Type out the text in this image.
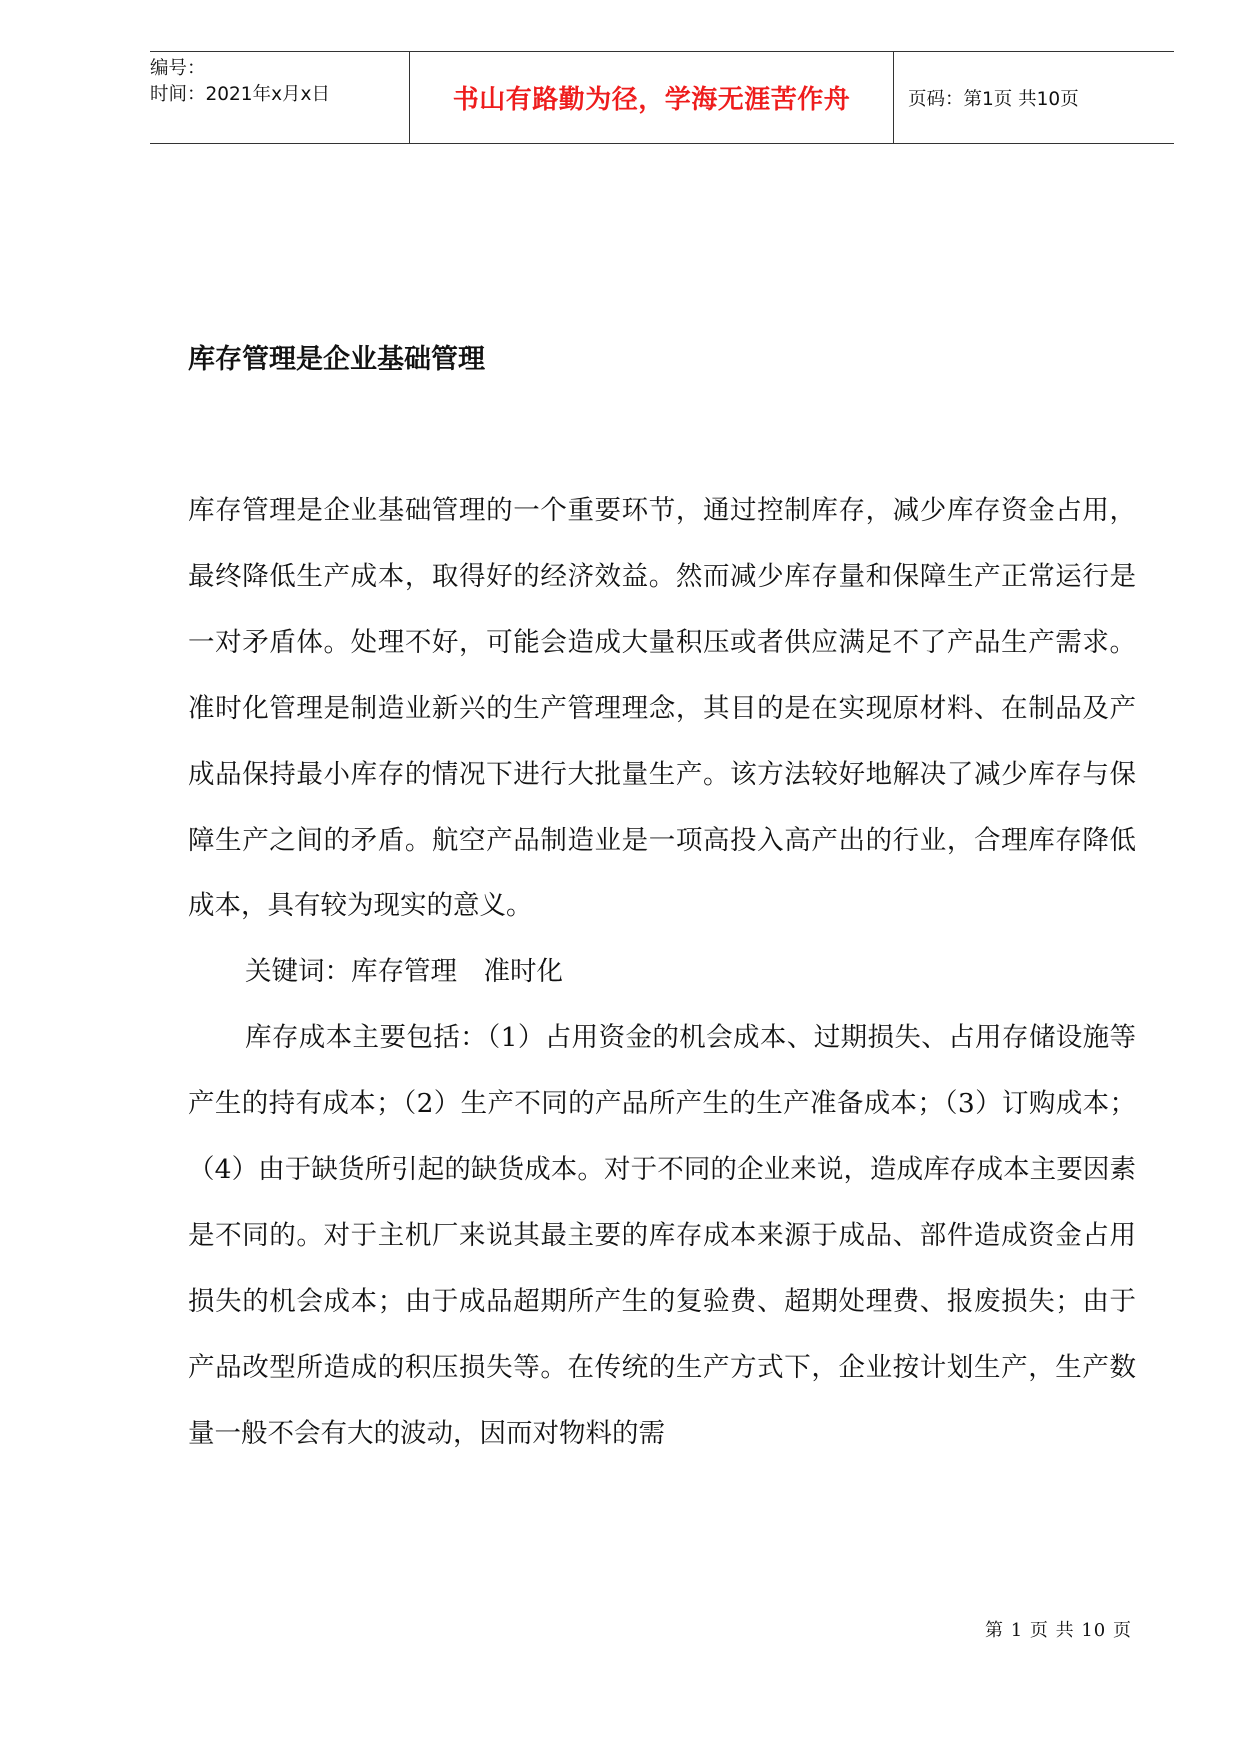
编号：
时间：2021年x月x日	书山有路勤为径，学海无涯苦作舟	页码：第1页 共10页
库存管理是企业基础管理

库存管理是企业基础管理的一个重要环节，通过控制库存，减少库存资金占用，最终降低生产成本，取得好的经济效益。然而减少库存量和保障生产正常运行是一对矛盾体。处理不好，可能会造成大量积压或者供应满足不了产品生产需求。准时化管理是制造业新兴的生产管理理念，其目的是在实现原材料、在制品及产成品保持最小库存的情况下进行大批量生产。该方法较好地解决了减少库存与保障生产之间的矛盾。航空产品制造业是一项高投入高产出的行业，合理库存降低成本，具有较为现实的意义。

关键词：库存管理　准时化

库存成本主要包括：（1）占用资金的机会成本、过期损失、占用存储设施等产生的持有成本；（2）生产不同的产品所产生的生产准备成本；（3）订购成本；（4）由于缺货所引起的缺货成本。对于不同的企业来说，造成库存成本主要因素是不同的。对于主机厂来说其最主要的库存成本来源于成品、部件造成资金占用损失的机会成本；由于成品超期所产生的复验费、超期处理费、报废损失；由于产品改型所造成的积压损失等。在传统的生产方式下，企业按计划生产，生产数量一般不会有大的波动，因而对物料的需

第 1 页 共 10 页
